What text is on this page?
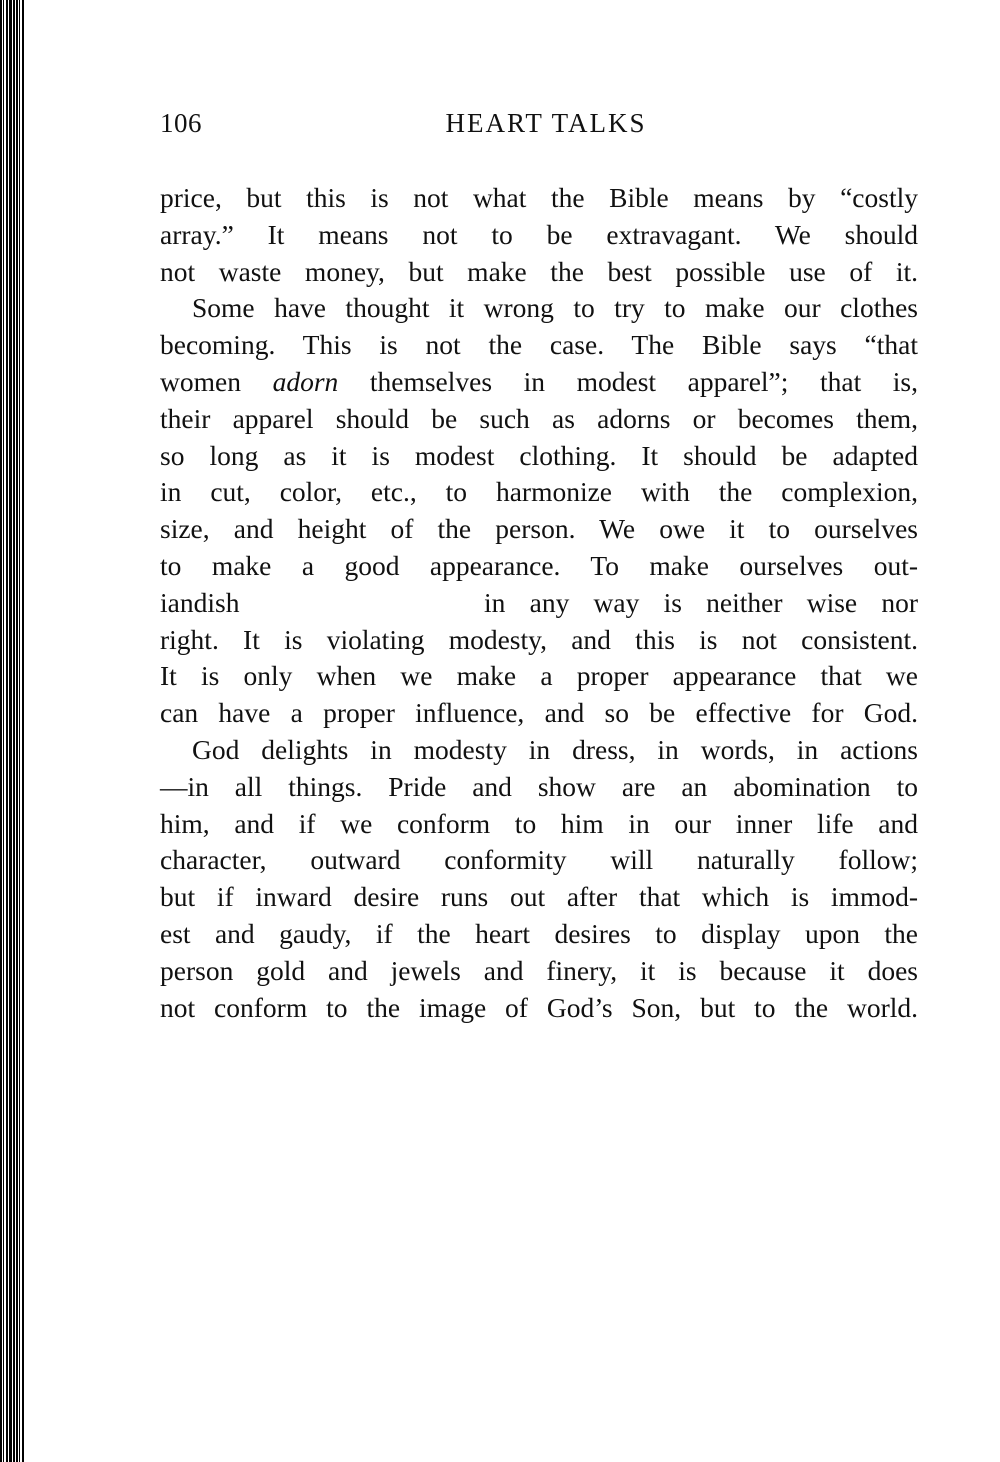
106	HEART TALKS
price, but this is not what the Bible means by “costly
array.” It means not to be extravagant. We should
not waste money, but make the best possible use of it.
Some have thought it wrong to try to make our clothes
becoming. This is not the case. The Bible says “that
women adorn themselves in modest apparel”; that is,
their apparel should be such as adorns or becomes them,
so long as it is modest clothing. It should be adapted
in cut, color, etc., to harmonize with the complexion,
size, and height of the person. We owe it to ourselves
to make a good appearance. To make ourselves out-
iandish	in any way is neither wise nor
right. It is violating modesty, and this is not consistent.
It is only when we make a proper appearance that we
can have a proper influence, and so be effective for God.
God delights in modesty in dress, in words, in actions
—in all things. Pride and show are an abomination to
him, and if we conform to him in our inner life and
character, outward conformity will naturally follow;
but if inward desire runs out after that which is immod-
est and gaudy, if the heart desires to display upon the
person gold and jewels and finery, it is because it does
not conform to the image of God’s Son, but to the world.
